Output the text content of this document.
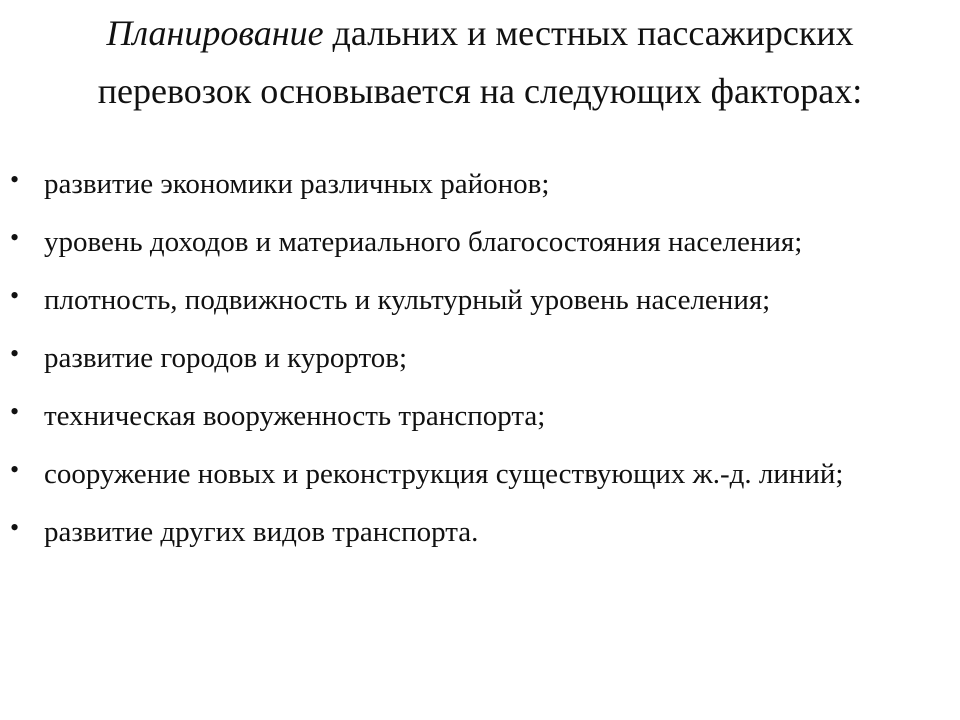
Планирование дальних и местных пассажирских перевозок основывается на следующих факторах:
• развитие экономики различных районов;
• уровень доходов и материального благосостояния населения;
• плотность, подвижность и культурный уровень населения;
• развитие городов и курортов;
• техническая вооруженность транспорта;
• сооружение новых и реконструкция существующих ж.-д. линий;
• развитие других видов транспорта.
